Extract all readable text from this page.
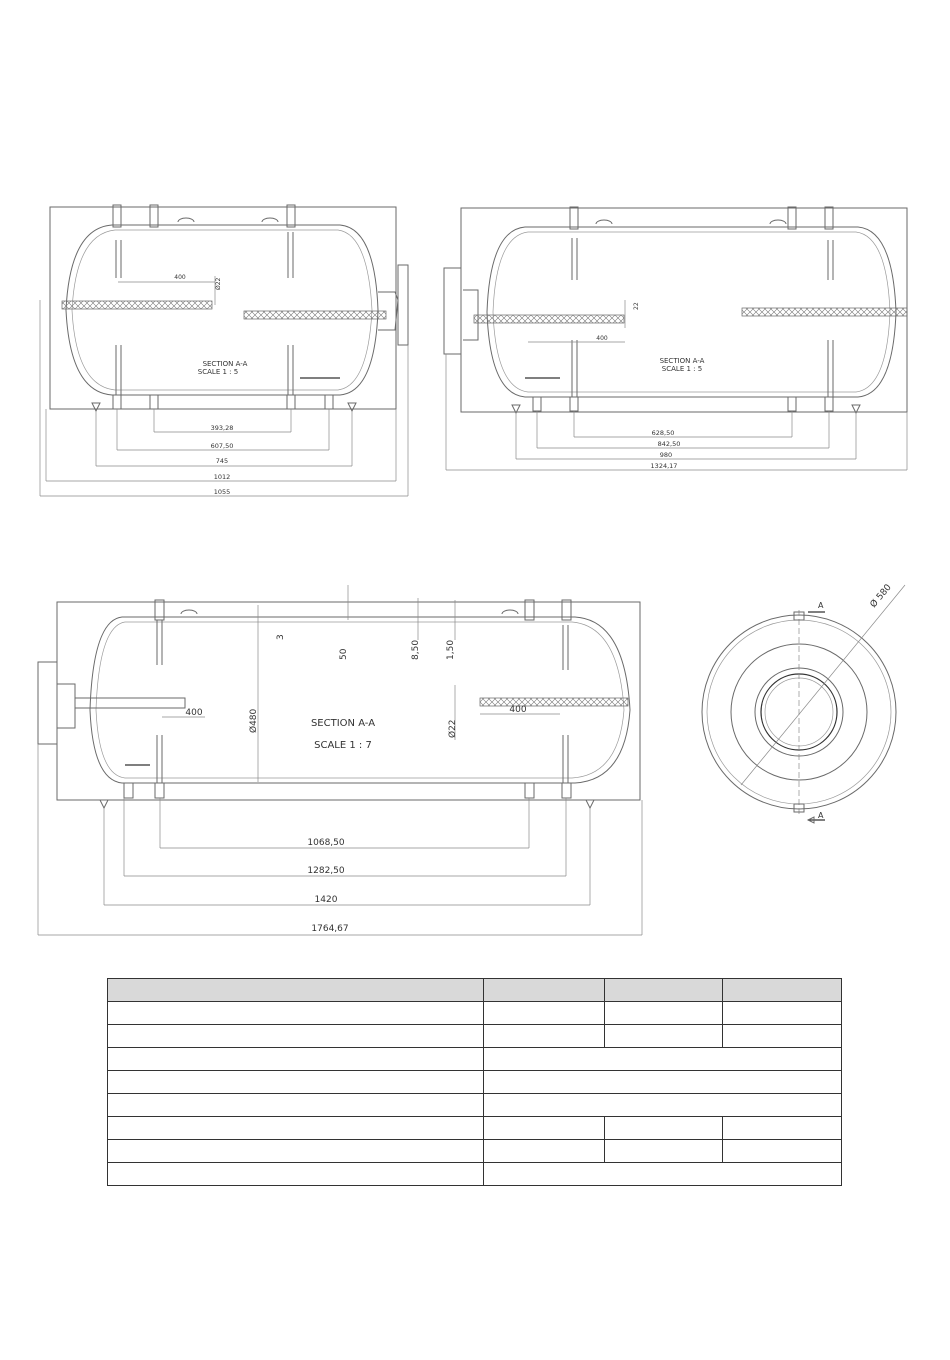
SECTION A-A
SCALE 1 : 5
400
Ø22
393,28
607,50
745
1012
1055
SECTION A-A
SCALE 1 : 5
400
22
628,50
842,50
980
1324,17
SECTION A-A
SCALE 1 : 7
3
50	8,50	1,50
Ø480	Ø22
400	400
1068,50
1282,50
1420
1764,67
Ø 580
A
A
